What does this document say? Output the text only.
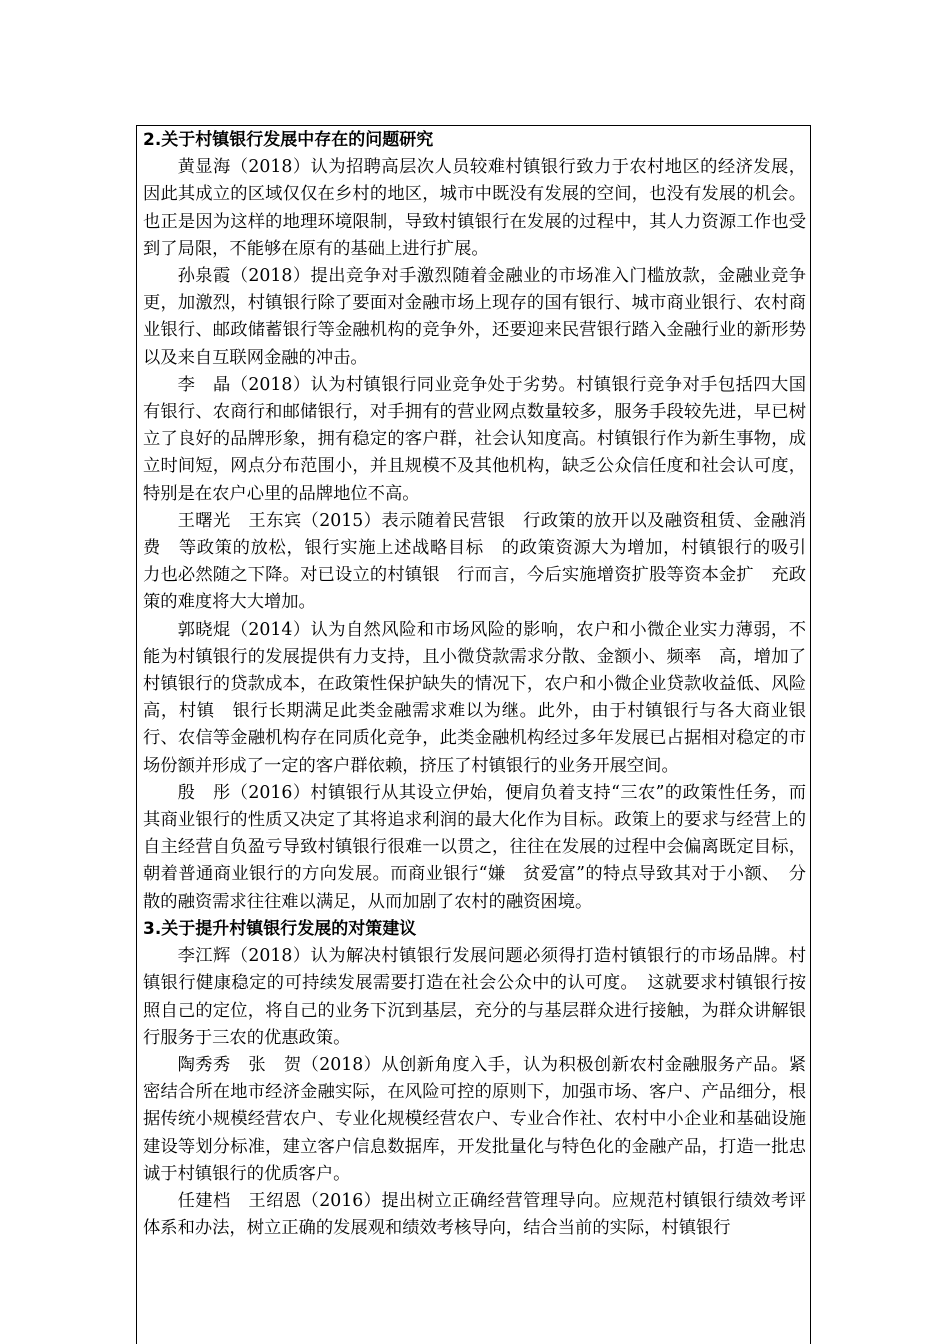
2.关于村镇银行发展中存在的问题研究

黄显海（2018）认为招聘高层次人员较难村镇银行致力于农村地区的经济发展，因此其成立的区域仅仅在乡村的地区，城市中既没有发展的空间，也没有发展的机会。也正是因为这样的地理环境限制，导致村镇银行在发展的过程中，其人力资源工作也受到了局限，不能够在原有的基础上进行扩展。

孙泉霞（2018）提出竞争对手激烈随着金融业的市场准入门槛放款，金融业竞争更，加激烈，村镇银行除了要面对金融市场上现存的国有银行、城市商业银行、农村商业银行、邮政储蓄银行等金融机构的竞争外，还要迎来民营银行踏入金融行业的新形势以及来自互联网金融的冲击。

李　晶（2018）认为村镇银行同业竞争处于劣势。村镇银行竞争对手包括四大国有银行、农商行和邮储银行，对手拥有的营业网点数量较多，服务手段较先进，早已树立了良好的品牌形象，拥有稳定的客户群，社会认知度高。村镇银行作为新生事物，成立时间短，网点分布范围小，并且规模不及其他机构，缺乏公众信任度和社会认可度，特别是在农户心里的品牌地位不高。

王曙光　王东宾（2015）表示随着民营银　行政策的放开以及融资租赁、金融消费　等政策的放松，银行实施上述战略目标　的政策资源大为增加，村镇银行的吸引　力也必然随之下降。对已设立的村镇银　行而言，今后实施增资扩股等资本金扩　充政策的难度将大大增加。

郭晓焜（2014）认为自然风险和市场风险的影响，农户和小微企业实力薄弱，不能为村镇银行的发展提供有力支持，且小微贷款需求分散、金额小、频率　高，增加了村镇银行的贷款成本，在政策性保护缺失的情况下，农户和小微企业贷款收益低、风险高，村镇　银行长期满足此类金融需求难以为继。此外，由于村镇银行与各大商业银行、农信等金融机构存在同质化竞争，此类金融机构经过多年发展已占据相对稳定的市场份额并形成了一定的客户群依赖，挤压了村镇银行的业务开展空间。

殷　彤（2016）村镇银行从其设立伊始，便肩负着支持“三农”的政策性任务，而其商业银行的性质又决定了其将追求利润的最大化作为目标。政策上的要求与经营上的自主经营自负盈亏导致村镇银行很难一以贯之，往往在发展的过程中会偏离既定目标，朝着普通商业银行的方向发展。而商业银行“嫌　贫爱富”的特点导致其对于小额、　分散的融资需求往往难以满足，从而加剧了农村的融资困境。

3.关于提升村镇银行发展的对策建议

李江辉（2018）认为解决村镇银行发展问题必须得打造村镇银行的市场品牌。村镇银行健康稳定的可持续发展需要打造在社会公众中的认可度。　这就要求村镇银行按照自己的定位，将自己的业务下沉到基层，充分的与基层群众进行接触，为群众讲解银行服务于三农的优惠政策。

陶秀秀　张　贺（2018）从创新角度入手，认为积极创新农村金融服务产品。紧密结合所在地市经济金融实际，在风险可控的原则下，加强市场、客户、产品细分，根据传统小规模经营农户、专业化规模经营农户、专业合作社、农村中小企业和基础设施建设等划分标准，建立客户信息数据库，开发批量化与特色化的金融产品，打造一批忠诚于村镇银行的优质客户。

任建档　王绍恩（2016）提出树立正确经营管理导向。应规范村镇银行绩效考评体系和办法，树立正确的发展观和绩效考核导向，结合当前的实际，村镇银行
